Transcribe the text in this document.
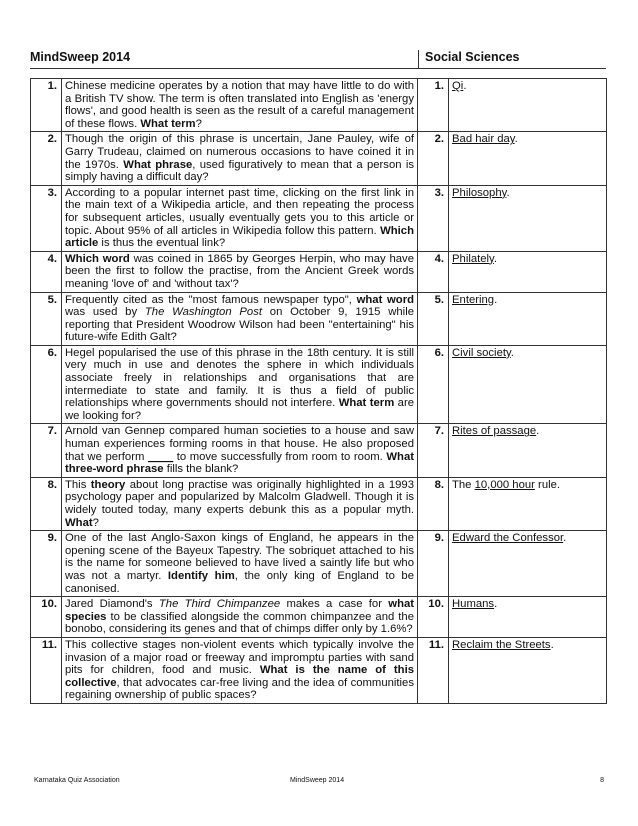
MindSweep 2014	Social Sciences
1.	Chinese medicine operates by a notion that may have little to do with a British TV show. The term is often translated into English as 'energy flows', and good health is seen as the result of a careful management of these flows. What term?	1.	Qi.
2.	Though the origin of this phrase is uncertain, Jane Pauley, wife of Garry Trudeau, claimed on numerous occasions to have coined it in the 1970s. What phrase, used figuratively to mean that a person is simply having a difficult day?	2.	Bad hair day.
3.	According to a popular internet past time, clicking on the first link in the main text of a Wikipedia article, and then repeating the process for subsequent articles, usually eventually gets you to this article or topic. About 95% of all articles in Wikipedia follow this pattern. Which article is thus the eventual link?	3.	Philosophy.
4.	Which word was coined in 1865 by Georges Herpin, who may have been the first to follow the practise, from the Ancient Greek words meaning 'love of' and 'without tax'?	4.	Philately.
5.	Frequently cited as the "most famous newspaper typo", what word was used by The Washington Post on October 9, 1915 while reporting that President Woodrow Wilson had been "entertaining" his future-wife Edith Galt?	5.	Entering.
6.	Hegel popularised the use of this phrase in the 18th century. It is still very much in use and denotes the sphere in which individuals associate freely in relationships and organisations that are intermediate to state and family. It is thus a field of public relationships where governments should not interfere. What term are we looking for?	6.	Civil society.
7.	Arnold van Gennep compared human societies to a house and saw human experiences forming rooms in that house. He also proposed that we perform ____ to move successfully from room to room. What three-word phrase fills the blank?	7.	Rites of passage.
8.	This theory about long practise was originally highlighted in a 1993 psychology paper and popularized by Malcolm Gladwell. Though it is widely touted today, many experts debunk this as a popular myth. What?	8.	The 10,000 hour rule.
9.	One of the last Anglo-Saxon kings of England, he appears in the opening scene of the Bayeux Tapestry. The sobriquet attached to his is the name for someone believed to have lived a saintly life but who was not a martyr. Identify him, the only king of England to be canonised.	9.	Edward the Confessor.
10.	Jared Diamond's The Third Chimpanzee makes a case for what species to be classified alongside the common chimpanzee and the bonobo, considering its genes and that of chimps differ only by 1.6%?	10.	Humans.
11.	This collective stages non-violent events which typically involve the invasion of a major road or freeway and impromptu parties with sand pits for children, food and music. What is the name of this collective, that advocates car-free living and the idea of communities regaining ownership of public spaces?	11.	Reclaim the Streets.
Karnataka Quiz Association	MindSweep 2014	8
